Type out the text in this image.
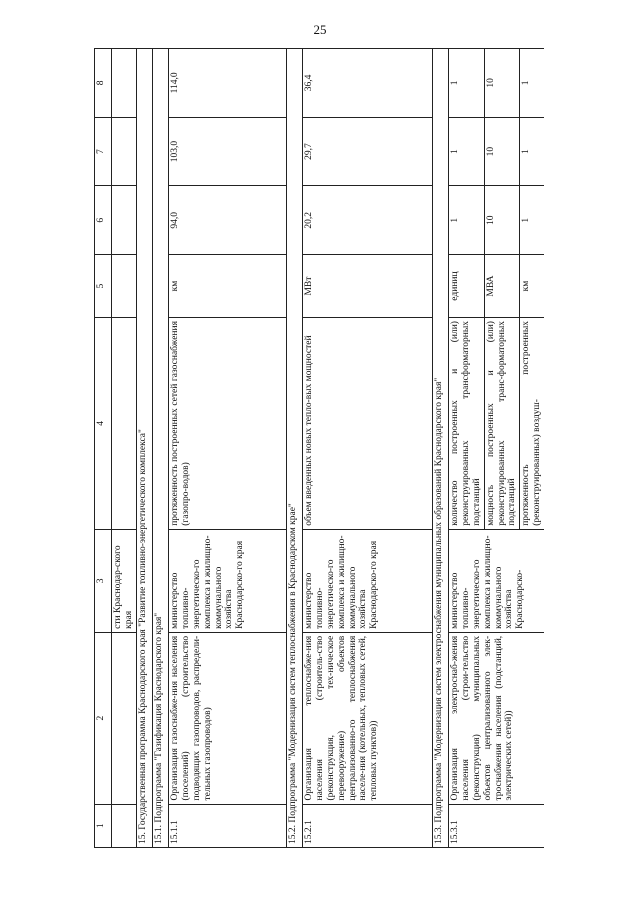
25
1	2	3	4	5	6	7	8
		сти Краснодар-ского края					
15. Государственная программа Краснодарского края "Развитие топливно-энергетического комплекса"							
15.1. Подпрограмма "Газификация Краснодарского края"							
15.1.1	Организация газоснабже-ния населения (поселений) (строительство подводящих газопроводов, распредели-тельных газопроводов)	министерство топливно-энергетическо-го комплекса и жилищно-коммунального хозяйства Краснодарско-го края	протяженность построенных сетей газоснабжения (газопро-водов)	км	94,0	103,0	114,0
15.2. Подпрограмма "Модернизация систем теплоснабжения в Краснодарском крае"							
15.2.1	Организация теплоснабже-ния населения (строитель-ство (реконструкция, тех-ническое перевооружение) объектов централизованно-го теплоснабжения населе-ния (котельных, тепловых сетей, тепловых пунктов))	министерство топливно-энергетическо-го комплекса и жилищно-коммунального хозяйства Краснодарско-го края	объем введенных новых тепло-вых мощностей	МВт	20,2	29,7	36,4
15.3. Подпрограмма "Модернизация систем электроснабжения муниципальных образований Краснодарского края"							
15.3.1	Организация электроснаб-жения населения (строи-тельство (реконструкция) муниципальных объектов централизованного элек-троснабжения населения (подстанций, электрических сетей))	министерство топливно-энергетическо-го комплекса и жилищно-коммунального хозяйства Краснодарско-	количество построенных и (или) реконструированных трансформаторных подстанций	единиц	1	1	1
			мощность построенных и (или) реконструированных транс-форматорных подстанций	МВА	10	10	10
			протяженность построенных (реконструированных) воздуш-	км	1	1	1
